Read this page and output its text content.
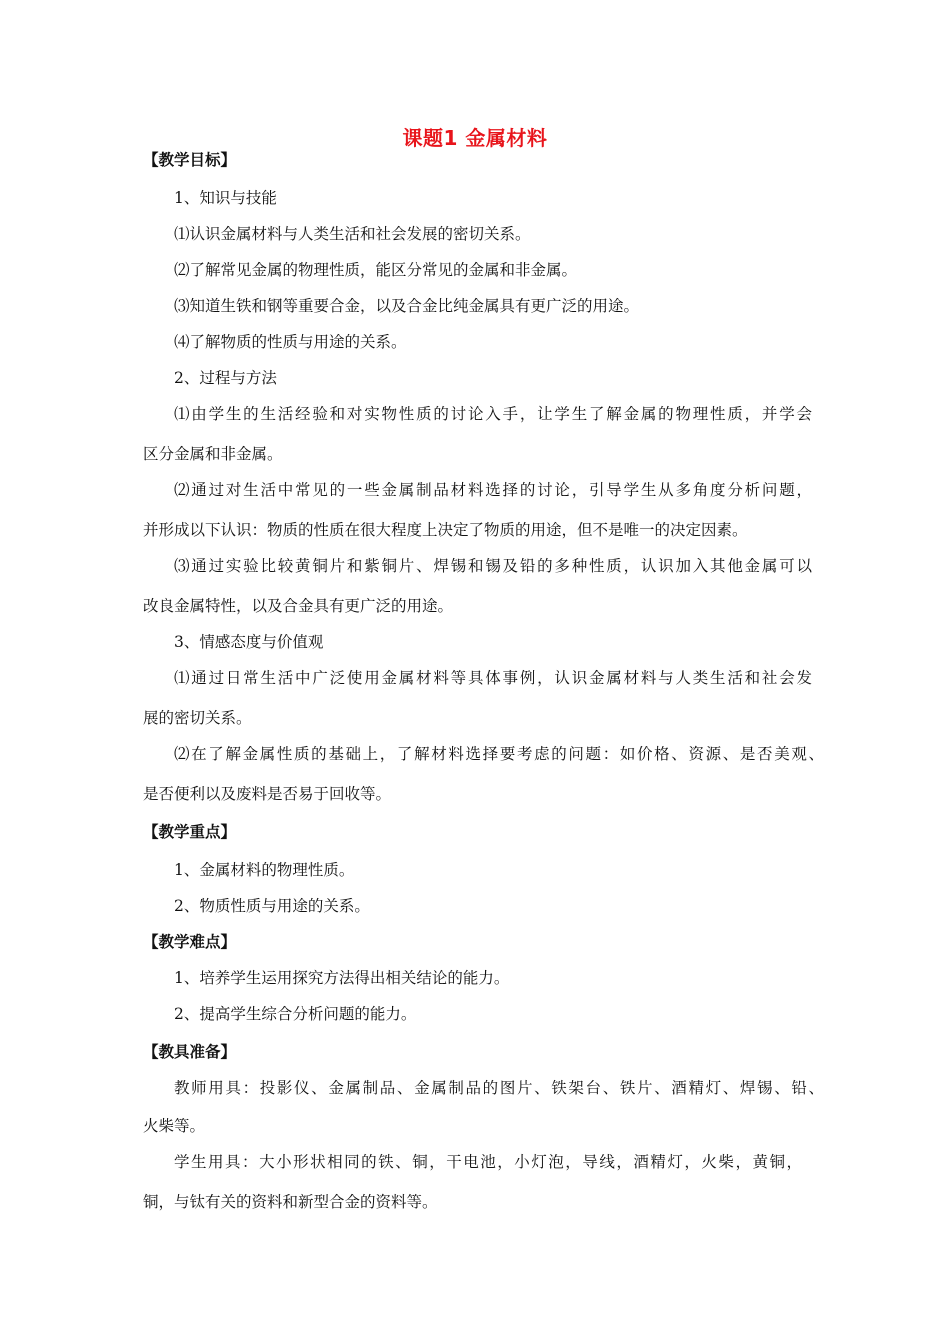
课题1 金属材料
【教学目标】
1、知识与技能
⑴认识金属材料与人类生活和社会发展的密切关系。
⑵了解常见金属的物理性质，能区分常见的金属和非金属。
⑶知道生铁和钢等重要合金，以及合金比纯金属具有更广泛的用途。
⑷了解物质的性质与用途的关系。
2、过程与方法
⑴由学生的生活经验和对实物性质的讨论入手，让学生了解金属的物理性质，并学会
区分金属和非金属。
⑵通过对生活中常见的一些金属制品材料选择的讨论，引导学生从多角度分析问题，
并形成以下认识：物质的性质在很大程度上决定了物质的用途，但不是唯一的决定因素。
⑶通过实验比较黄铜片和紫铜片、焊锡和锡及铅的多种性质，认识加入其他金属可以
改良金属特性，以及合金具有更广泛的用途。
3、情感态度与价值观
⑴通过日常生活中广泛使用金属材料等具体事例，认识金属材料与人类生活和社会发
展的密切关系。
⑵在了解金属性质的基础上，了解材料选择要考虑的问题：如价格、资源、是否美观、
是否便利以及废料是否易于回收等。
【教学重点】
1、金属材料的物理性质。
2、物质性质与用途的关系。
【教学难点】
1、培养学生运用探究方法得出相关结论的能力。
2、提高学生综合分析问题的能力。
【教具准备】
教师用具：投影仪、金属制品、金属制品的图片、铁架台、铁片、酒精灯、焊锡、铅、
火柴等。
学生用具：大小形状相同的铁、铜，干电池，小灯泡，导线，酒精灯，火柴，黄铜，
铜，与钛有关的资料和新型合金的资料等。
